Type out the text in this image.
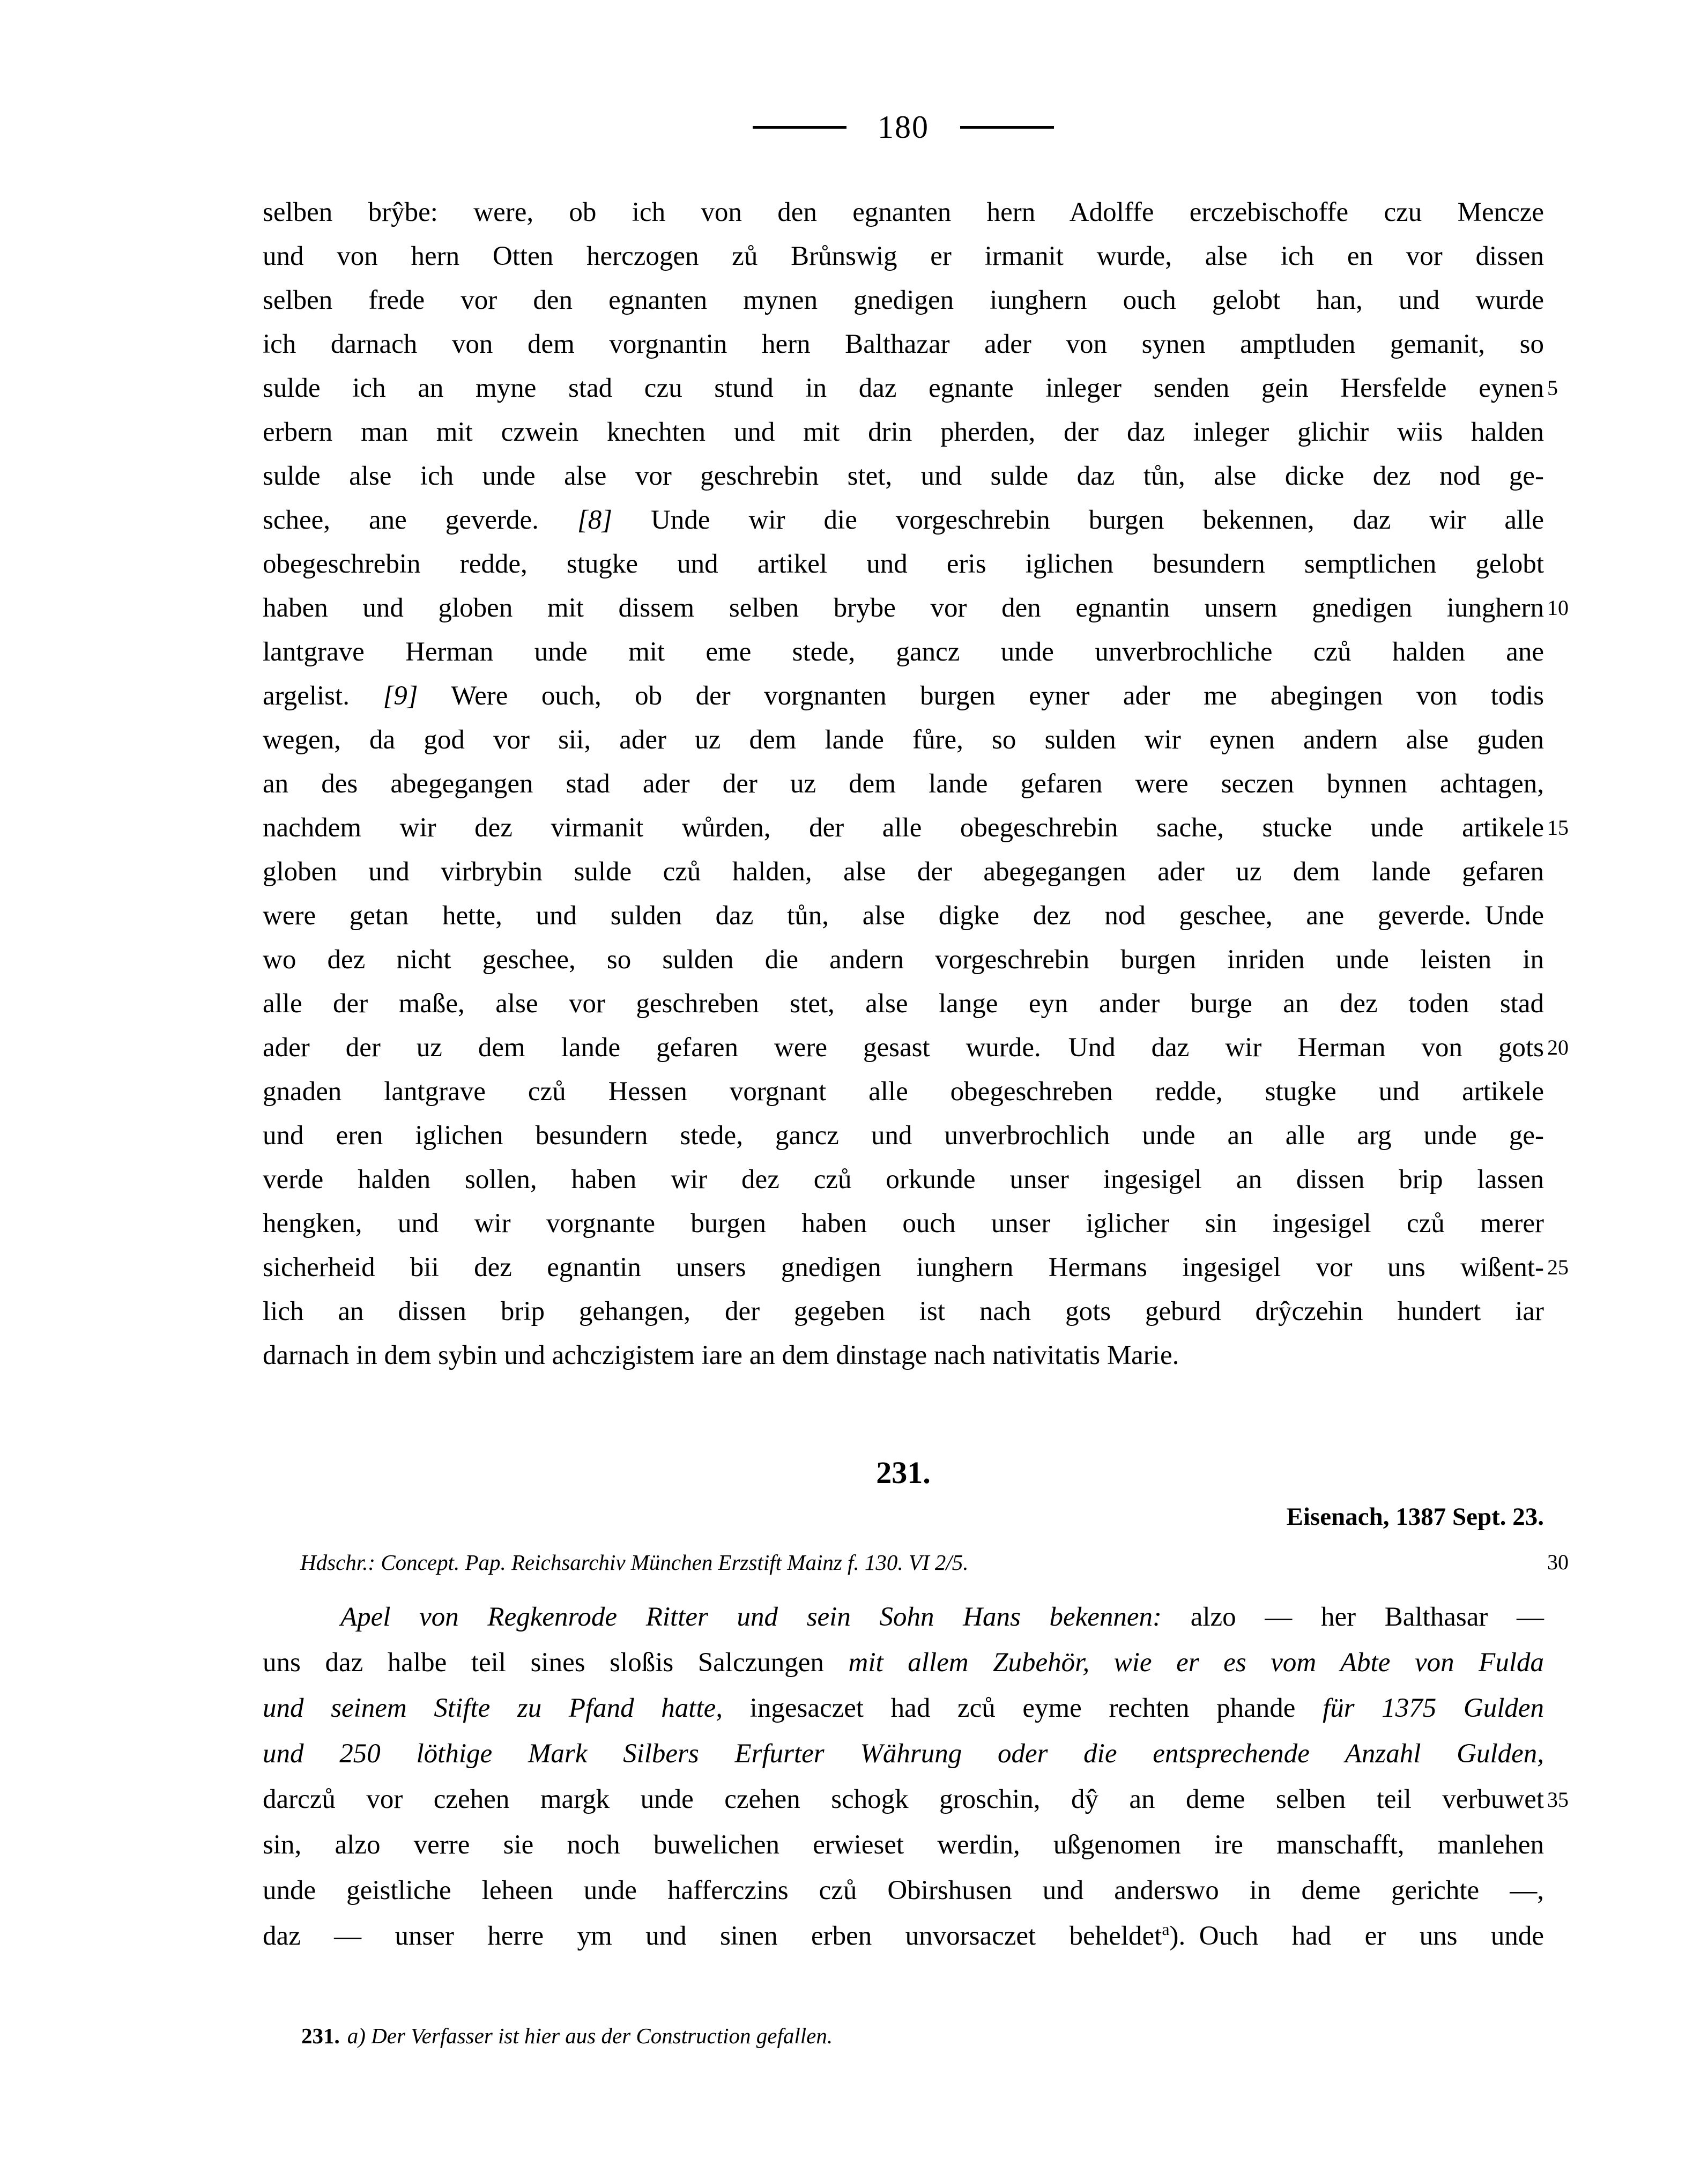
180
selben brŷbe: were, ob ich von den egnanten hern Adolffe erczebischoffe czu Mencze
und von hern Otten herczogen zů Brůnswig er irmanit wurde, alse ich en vor dissen
selben frede vor den egnanten mynen gnedigen iunghern ouch gelobt han, und wurde
ich darnach von dem vorgnantin hern Balthazar ader von synen amptluden gemanit, so
sulde ich an myne stad czu stund in daz egnante inleger senden gein Hersfelde eynen 5
erbern man mit czwein knechten und mit drin pherden, der daz inleger glichir wiis halden
sulde alse ich unde alse vor geschrebin stet, und sulde daz tůn, alse dicke dez nod ge-
schee, ane geverde. [8] Unde wir die vorgeschrebin burgen bekennen, daz wir alle
obegeschrebin redde, stugke und artikel und eris iglichen besundern semptlichen gelobt
haben und globen mit dissem selben brybe vor den egnantin unsern gnedigen iunghern 10
lantgrave Herman unde mit eme stede, gancz unde unverbrochliche czů halden ane
argelist. [9] Were ouch, ob der vorgnanten burgen eyner ader me abegingen von todis
wegen, da god vor sii, ader uz dem lande fůre, so sulden wir eynen andern alse guden
an des abegegangen stad ader der uz dem lande gefaren were seczen bynnen achtagen,
nachdem wir dez virmanit wůrden, der alle obegeschrebin sache, stucke unde artikele 15
globen und virbrybin sulde czů halden, alse der abegegangen ader uz dem lande gefaren
were getan hette, und sulden daz tůn, alse digke dez nod geschee, ane geverde. Unde
wo dez nicht geschee, so sulden die andern vorgeschrebin burgen inriden unde leisten in
alle der maße, alse vor geschreben stet, alse lange eyn ander burge an dez toden stad
ader der uz dem lande gefaren were gesast wurde. Und daz wir Herman von gots 20
gnaden lantgrave czů Hessen vorgnant alle obegeschreben redde, stugke und artikele
und eren iglichen besundern stede, gancz und unverbrochlich unde an alle arg unde ge-
verde halden sollen, haben wir dez czů orkunde unser ingesigel an dissen brip lassen
hengken, und wir vorgnante burgen haben ouch unser iglicher sin ingesigel czů merer
sicherheid bii dez egnantin unsers gnedigen iunghern Hermans ingesigel vor uns wißent- 25
lich an dissen brip gehangen, der gegeben ist nach gots geburd drŷczehin hundert iar
darnach in dem sybin und achczigistem iare an dem dinstage nach nativitatis Marie.
231.
Eisenach, 1387 Sept. 23.
Hdschr.: Concept. Pap. Reichsarchiv München Erzstift Mainz f. 130. VI 2/5.	30
Apel von Regkenrode Ritter und sein Sohn Hans bekennen: alzo — her Balthasar —
uns daz halbe teil sines sloßis Salczungen mit allem Zubehör, wie er es vom Abte von Fulda
und seinem Stifte zu Pfand hatte, ingesaczet had zců eyme rechten phande für 1375 Gulden
und 250 löthige Mark Silbers Erfurter Währung oder die entsprechende Anzahl Gulden,
darczů vor czehen margk unde czehen schogk groschin, dŷ an deme selben teil verbuwet 35
sin, alzo verre sie noch buwelichen erwieset werdin, ußgenomen ire manschafft, manlehen
unde geistliche leheen unde hafferczins czů Obirshusen und anderswo in deme gerichte —,
daz — unser herre ym und sinen erben unvorsaczet beheldet$^a$). Ouch had er uns unde
231. a) Der Verfasser ist hier aus der Construction gefallen.
